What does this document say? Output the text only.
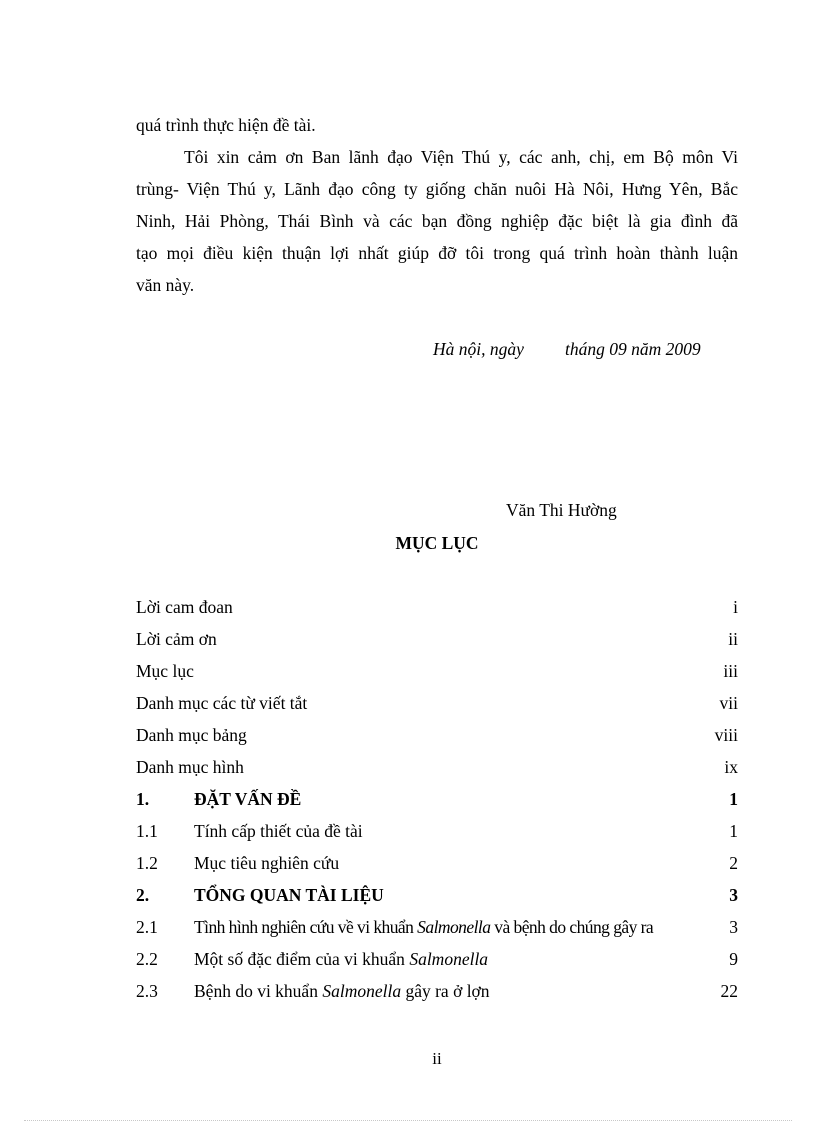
quá trình thực hiện đề tài.
Tôi xin cảm ơn Ban lãnh đạo Viện Thú y, các anh, chị, em Bộ môn Vi
trùng- Viện Thú y, Lãnh đạo công ty giống chăn nuôi Hà Nôi, Hưng Yên, Bắc
Ninh, Hải Phòng, Thái Bình và các bạn đồng nghiệp đặc biệt là gia đình đã
tạo mọi điều kiện thuận lợi nhất giúp đỡ tôi trong quá trình hoàn thành luận
văn này.
Hà nội, ngày tháng 09 năm 2009
Văn Thi Hường
MỤC LỤC
Lời cam đoan	i
Lời cảm ơn	ii
Mục lục	iii
Danh mục các từ viết tắt	vii
Danh mục bảng	viii
Danh mục hình	ix
1.	ĐẶT VẤN ĐỀ	1
1.1 Tính cấp thiết của đề tài	1
1.2 Mục tiêu nghiên cứu	2
2.	TỔNG QUAN TÀI LIỆU	3
2.1 Tình hình nghiên cứu về vi khuẩn Salmonella và bệnh do chúng gây ra	3
2.2 Một số đặc điểm của vi khuẩn Salmonella	9
2.3 Bệnh do vi khuẩn Salmonella gây ra ở lợn	22
ii
